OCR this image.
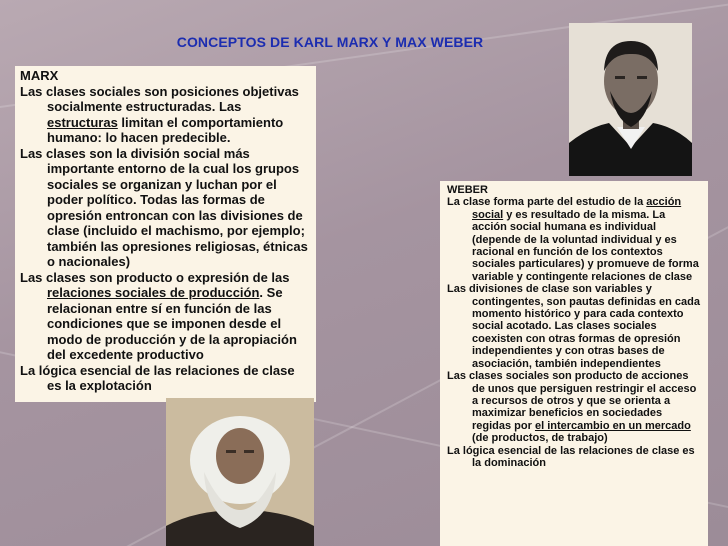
CONCEPTOS DE KARL MARX Y MAX WEBER

MARX

Las clases sociales son posiciones objetivas socialmente estructuradas. Las estructuras limitan el comportamiento humano: lo hacen predecible.

Las clases son la división social más importante entorno de la cual los grupos sociales se organizan y luchan por el poder político. Todas las formas de opresión entroncan con las divisiones de clase (incluido el machismo, por ejemplo; también las opresiones religiosas, étnicas o nacionales)

Las clases son producto o expresión de las relaciones sociales de producción. Se relacionan entre sí en función de las condiciones que se imponen desde el modo de producción y de la apropiación del excedente productivo

La lógica esencial de las relaciones de clase es la explotación

WEBER

La clase forma parte del estudio de la acción social y es resultado de la misma. La acción social humana es individual (depende de la voluntad individual y es racional en función de los contextos sociales particulares) y promueve de forma variable y contingente relaciones de clase

Las divisiones de clase son variables y contingentes, son pautas definidas en cada momento histórico y para cada contexto social acotado. Las clases sociales coexisten con otras formas de opresión independientes y con otras bases de asociación, también independientes

Las clases sociales son producto de acciones de unos que persiguen restringir el acceso a recursos de otros y que se orienta a maximizar beneficios en sociedades regidas por el intercambio en un mercado (de productos, de trabajo)

La lógica esencial de las relaciones de clase es la dominación
